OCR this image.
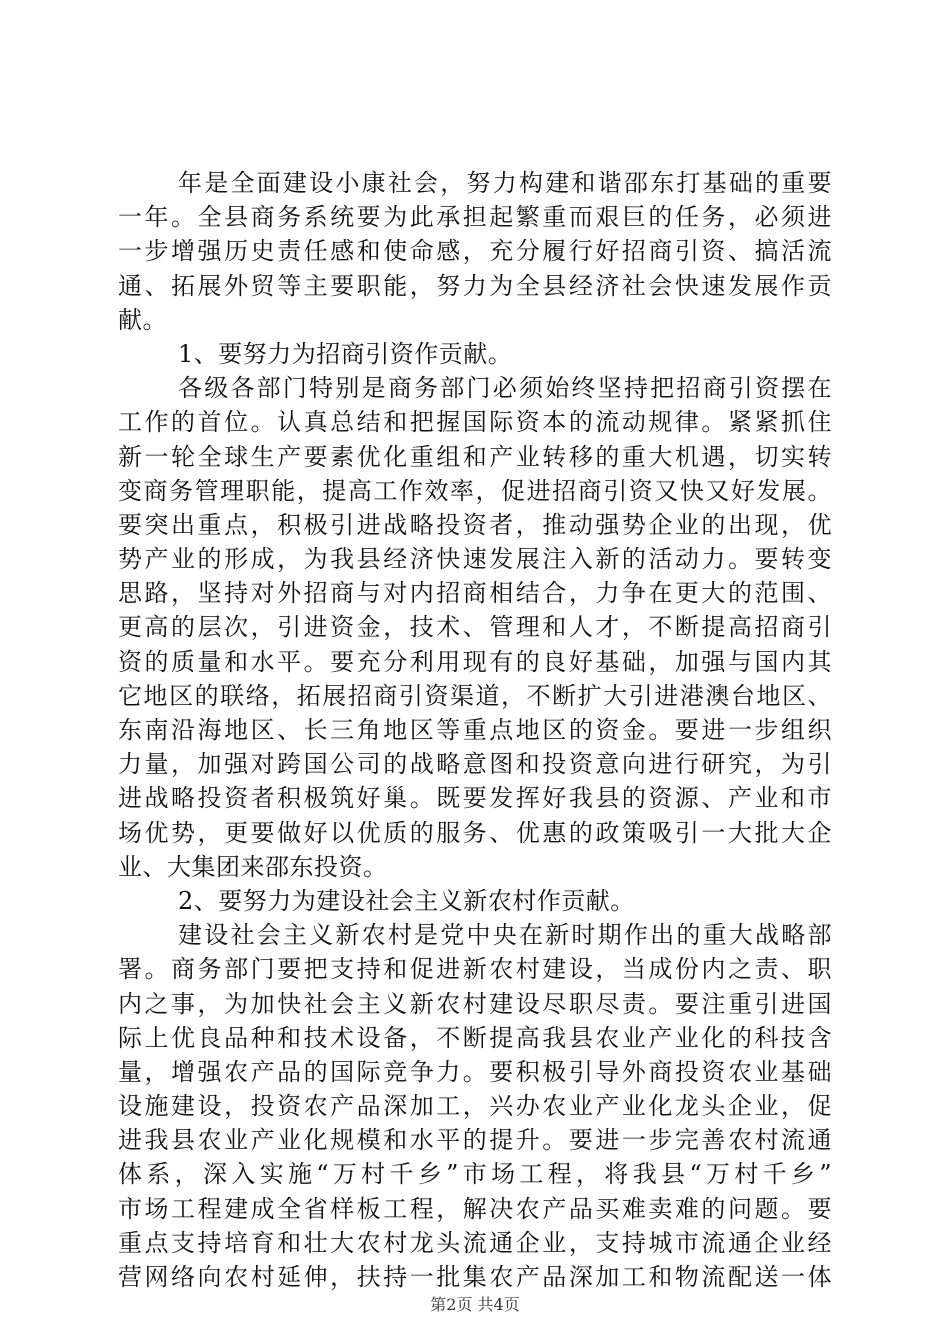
年是全面建设小康社会，努力构建和谐邵东打基础的重要
一年。全县商务系统要为此承担起繁重而艰巨的任务，必须进
一步增强历史责任感和使命感，充分履行好招商引资、搞活流
通、拓展外贸等主要职能，努力为全县经济社会快速发展作贡
献。
1、要努力为招商引资作贡献。
各级各部门特别是商务部门必须始终坚持把招商引资摆在
工作的首位。认真总结和把握国际资本的流动规律。紧紧抓住
新一轮全球生产要素优化重组和产业转移的重大机遇，切实转
变商务管理职能，提高工作效率，促进招商引资又快又好发展。
要突出重点，积极引进战略投资者，推动强势企业的出现，优
势产业的形成，为我县经济快速发展注入新的活动力。要转变
思路，坚持对外招商与对内招商相结合，力争在更大的范围、
更高的层次，引进资金，技术、管理和人才，不断提高招商引
资的质量和水平。要充分利用现有的良好基础，加强与国内其
它地区的联络，拓展招商引资渠道，不断扩大引进港澳台地区、
东南沿海地区、长三角地区等重点地区的资金。要进一步组织
力量，加强对跨国公司的战略意图和投资意向进行研究，为引
进战略投资者积极筑好巢。既要发挥好我县的资源、产业和市
场优势，更要做好以优质的服务、优惠的政策吸引一大批大企
业、大集团来邵东投资。
2、要努力为建设社会主义新农村作贡献。
建设社会主义新农村是党中央在新时期作出的重大战略部
署。商务部门要把支持和促进新农村建设，当成份内之责、职
内之事，为加快社会主义新农村建设尽职尽责。要注重引进国
际上优良品种和技术设备，不断提高我县农业产业化的科技含
量，增强农产品的国际竞争力。要积极引导外商投资农业基础
设施建设，投资农产品深加工，兴办农业产业化龙头企业，促
进我县农业产业化规模和水平的提升。要进一步完善农村流通
体系，深入实施“万村千乡”市场工程，将我县“万村千乡”
市场工程建成全省样板工程，解决农产品买难卖难的问题。要
重点支持培育和壮大农村龙头流通企业，支持城市流通企业经
营网络向农村延伸，扶持一批集农产品深加工和物流配送一体
第2页 共4页
